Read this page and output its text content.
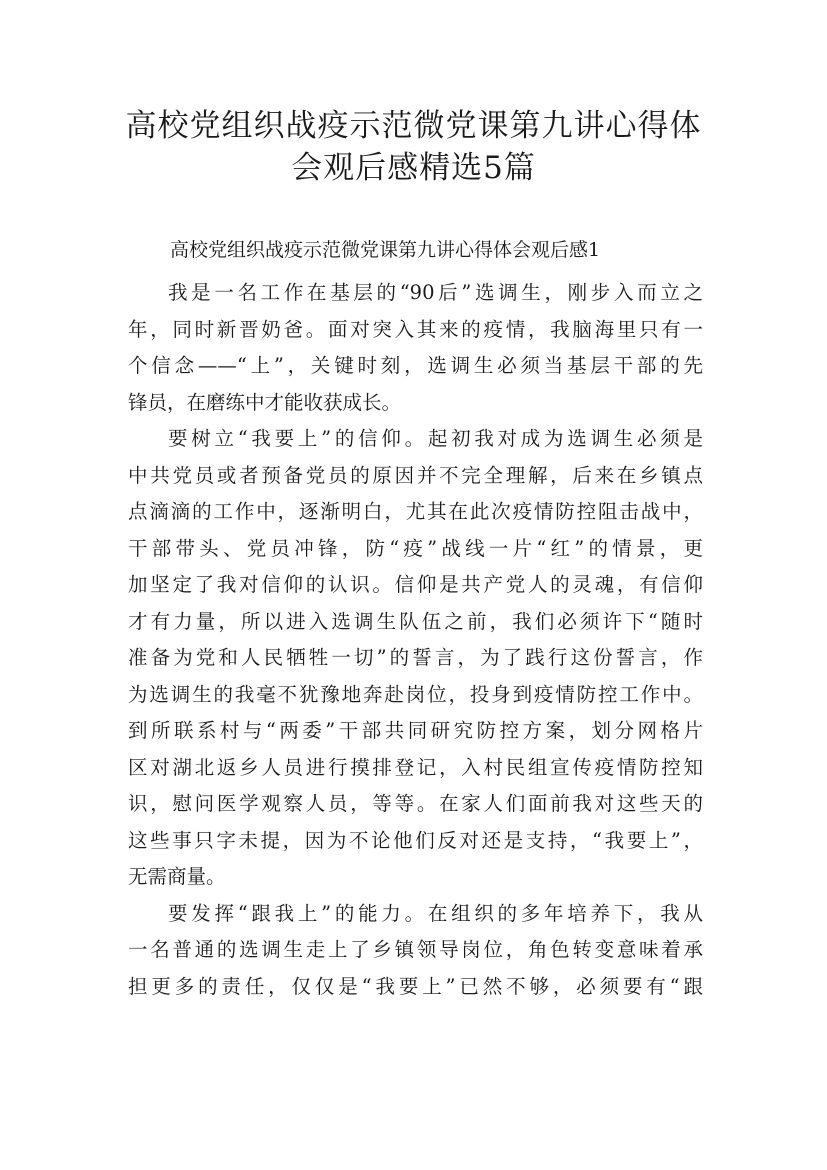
高校党组织战疫示范微党课第九讲心得体
会观后感精选5篇
高校党组织战疫示范微党课第九讲心得体会观后感1
我是一名工作在基层的“90后”选调生，刚步入而立之
年，同时新晋奶爸。面对突入其来的疫情，我脑海里只有一
个信念——“上”，关键时刻，选调生必须当基层干部的先
锋员，在磨练中才能收获成长。
要树立“我要上”的信仰。起初我对成为选调生必须是
中共党员或者预备党员的原因并不完全理解，后来在乡镇点
点滴滴的工作中，逐渐明白，尤其在此次疫情防控阻击战中，
干部带头、党员冲锋，防“疫”战线一片“红”的情景，更
加坚定了我对信仰的认识。信仰是共产党人的灵魂，有信仰
才有力量，所以进入选调生队伍之前，我们必须许下“随时
准备为党和人民牺牲一切”的誓言，为了践行这份誓言，作
为选调生的我毫不犹豫地奔赴岗位，投身到疫情防控工作中。
到所联系村与“两委”干部共同研究防控方案，划分网格片
区对湖北返乡人员进行摸排登记，入村民组宣传疫情防控知
识，慰问医学观察人员，等等。在家人们面前我对这些天的
这些事只字未提，因为不论他们反对还是支持，“我要上”，
无需商量。
要发挥“跟我上”的能力。在组织的多年培养下，我从
一名普通的选调生走上了乡镇领导岗位，角色转变意味着承
担更多的责任，仅仅是“我要上”已然不够，必须要有“跟
